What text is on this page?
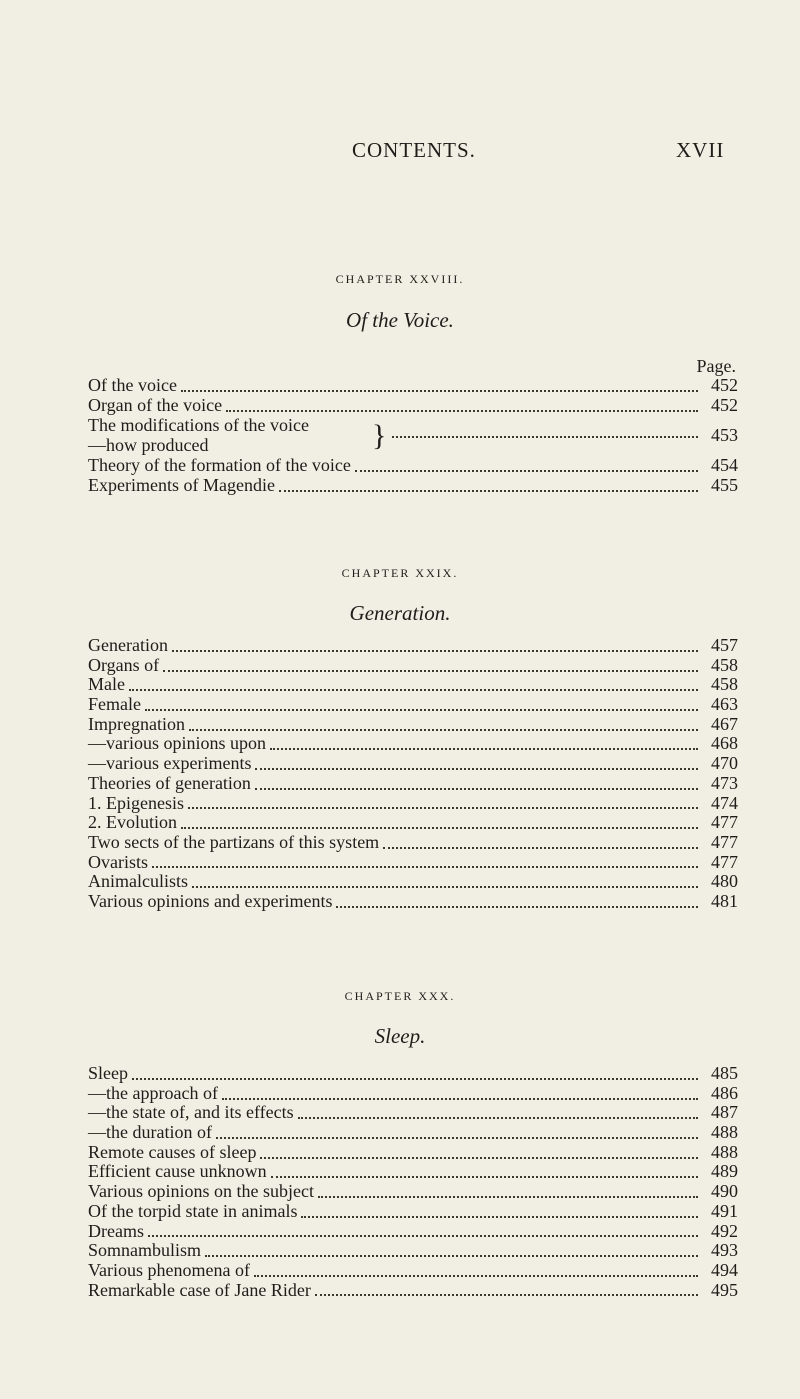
CONTENTS.	XVII
CHAPTER XXVIII.
Of the Voice.
Page.
Of the voice	452
Organ of the voice	452
The modifications of the voice
—how produced	}	453
Theory of the formation of the voice	454
Experiments of Magendie	455
CHAPTER XXIX.
Generation.
Generation	457
Organs of	458
Male	458
Female	463
Impregnation	467
—various opinions upon	468
—various experiments	470
Theories of generation	473
1. Epigenesis	474
2. Evolution	477
Two sects of the partizans of this system	477
Ovarists	477
Animalculists	480
Various opinions and experiments	481
CHAPTER XXX.
Sleep.
Sleep	485
—the approach of	486
—the state of, and its effects	487
—the duration of	488
Remote causes of sleep	488
Efficient cause unknown	489
Various opinions on the subject	490
Of the torpid state in animals	491
Dreams	492
Somnambulism	493
Various phenomena of	494
Remarkable case of Jane Rider	495
